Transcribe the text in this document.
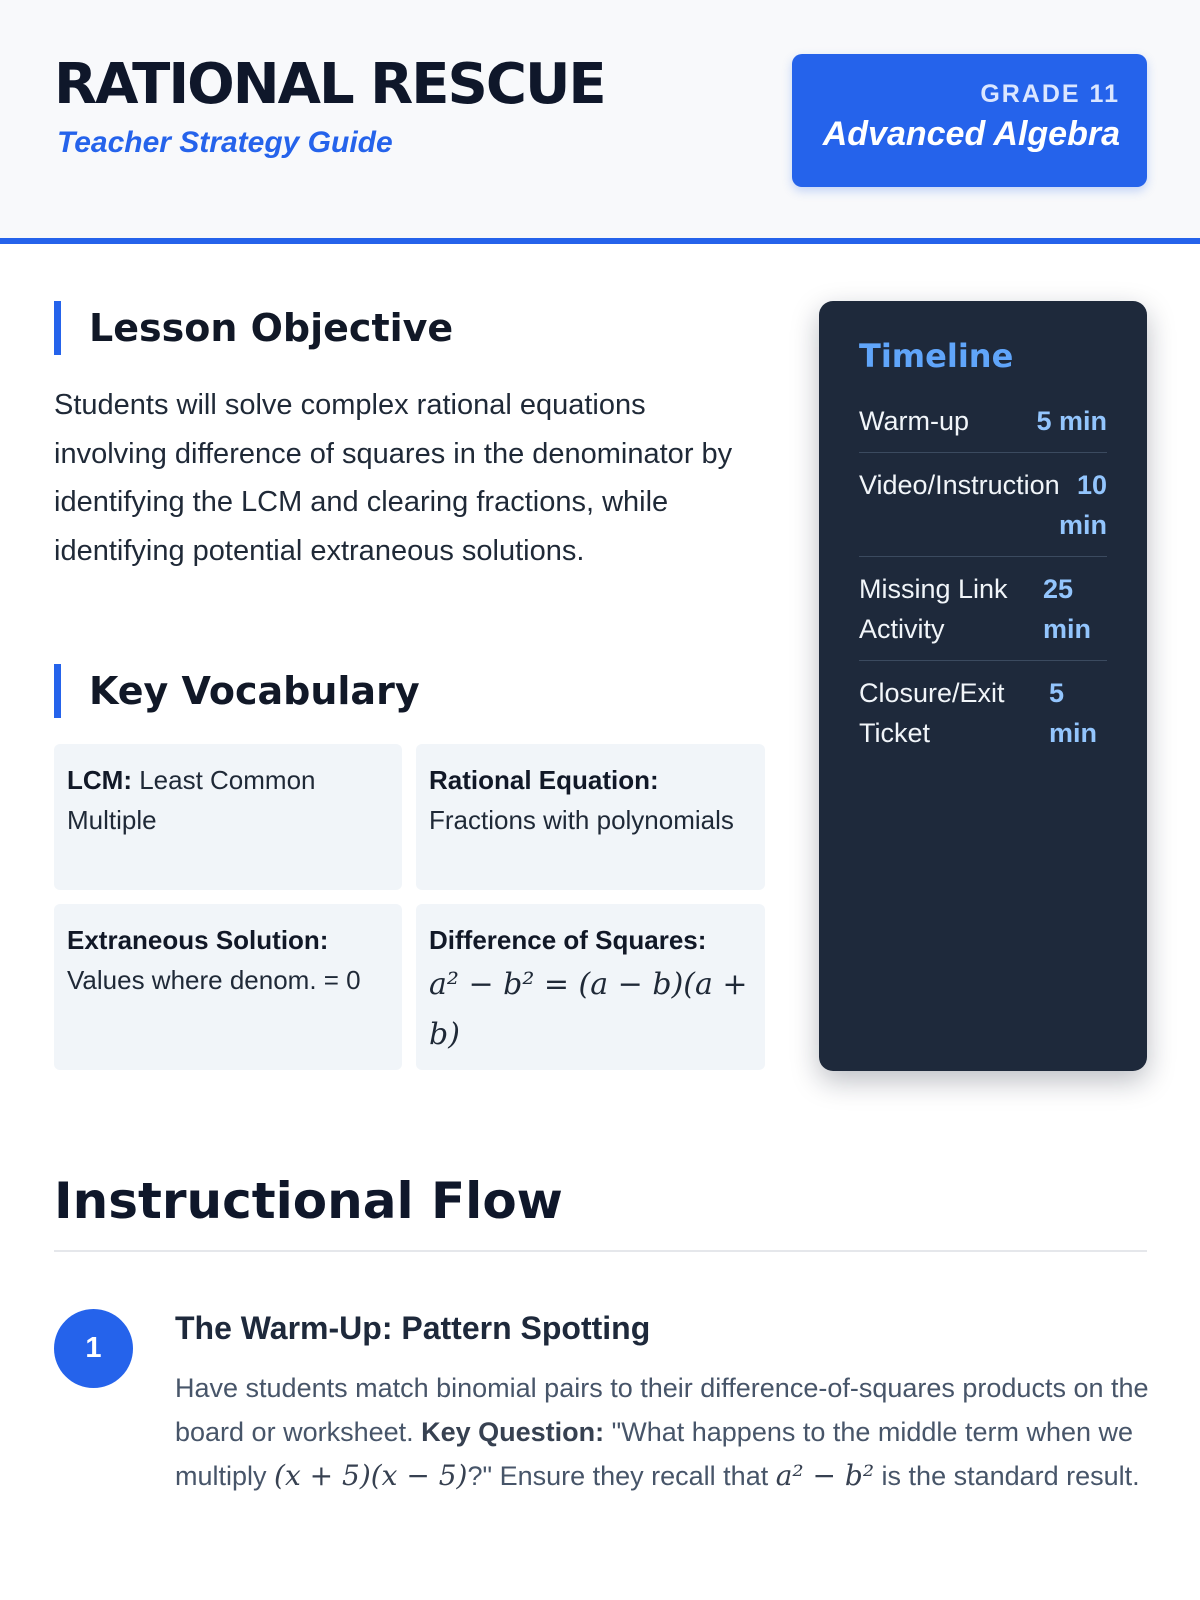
RATIONAL RESCUE
Teacher Strategy Guide
GRADE 11
Advanced Algebra
Lesson Objective
Students will solve complex rational equations involving difference of squares in the denominator by identifying the LCM and clearing fractions, while identifying potential extraneous solutions.
Key Vocabulary
LCM: Least Common Multiple
Rational Equation:
Fractions with polynomials
Extraneous Solution:
Values where denom. = 0
Difference of Squares:
a² − b² = (a − b)(a + b)
Timeline
Warm-up	5 min
Video/Instruction 10 min
Missing Link Activity
25 min
Closure/Exit Ticket
5 min
Instructional Flow
1
The Warm-Up: Pattern Spotting
Have students match binomial pairs to their difference-of-squares products on the board or worksheet. Key Question: "What happens to the middle term when we multiply (x + 5)(x − 5)?" Ensure they recall that a² − b² is the standard result.
